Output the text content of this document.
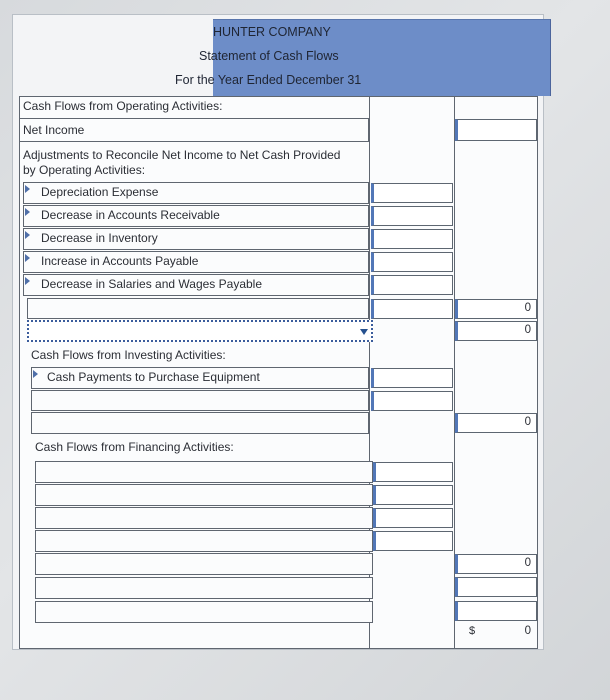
HUNTER COMPANY
Statement of Cash Flows
For the Year Ended December 31
Cash Flows from Operating Activities:
Net Income
Adjustments to Reconcile Net Income to Net Cash Provided
by Operating Activities:
Depreciation Expense
Decrease in Accounts Receivable
Decrease in Inventory
Increase in Accounts Payable
Decrease in Salaries and Wages Payable
0
0
Cash Flows from Investing Activities:
Cash Payments to Purchase Equipment
0
Cash Flows from Financing Activities:
0
$	0
